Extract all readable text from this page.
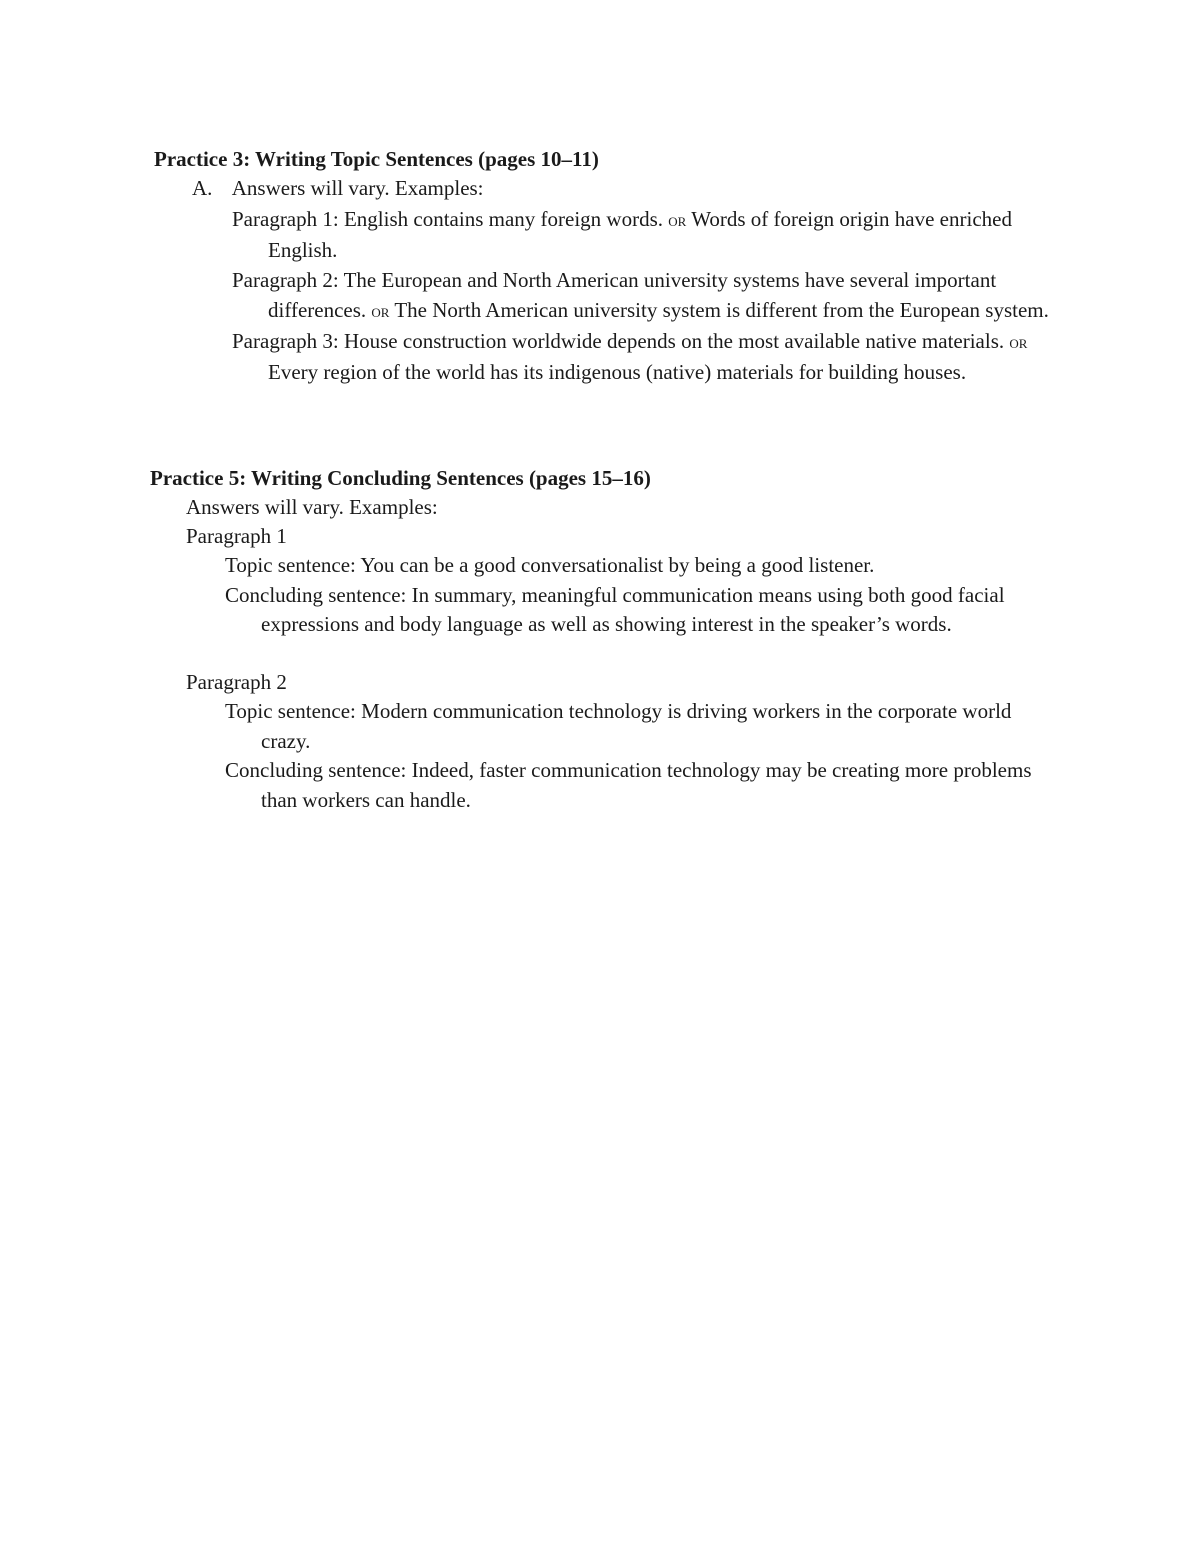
Practice 3: Writing Topic Sentences (pages 10–11)
A. Answers will vary. Examples:

Paragraph 1: English contains many foreign words. or Words of foreign origin have enriched English.

Paragraph 2: The European and North American university systems have several important differences. or The North American university system is different from the European system.

Paragraph 3: House construction worldwide depends on the most available native materials. or Every region of the world has its indigenous (native) materials for building houses.

Practice 5: Writing Concluding Sentences (pages 15–16)
Answers will vary. Examples:
Paragraph 1

Topic sentence: You can be a good conversationalist by being a good listener.

Concluding sentence: In summary, meaningful communication means using both good facial expressions and body language as well as showing interest in the speaker’s words.

Paragraph 2

Topic sentence: Modern communication technology is driving workers in the corporate world crazy.

Concluding sentence: Indeed, faster communication technology may be creating more problems than workers can handle.
